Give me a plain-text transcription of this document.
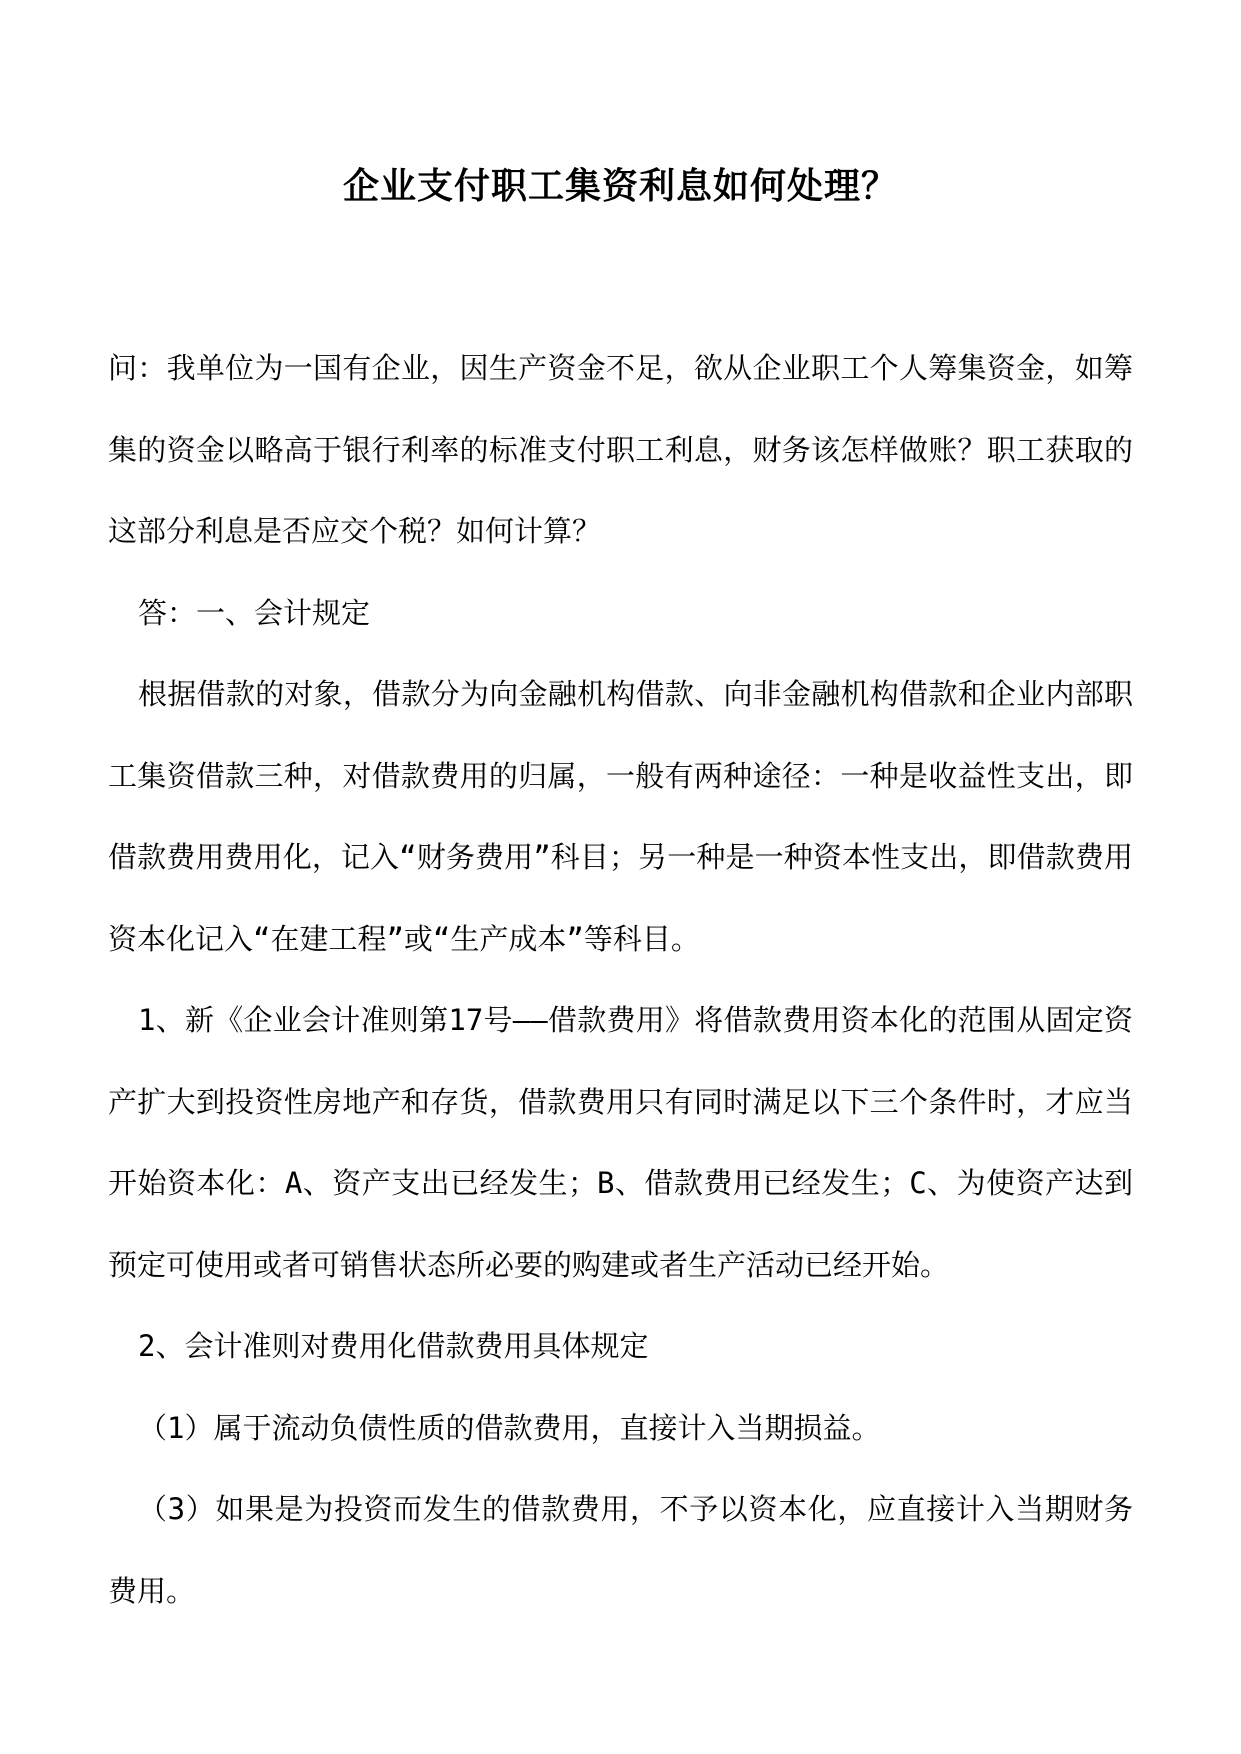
企业支付职工集资利息如何处理？

问：我单位为一国有企业，因生产资金不足，欲从企业职工个人筹集资金，如筹集的资金以略高于银行利率的标准支付职工利息，财务该怎样做账？职工获取的这部分利息是否应交个税？如何计算？

答：一、会计规定

根据借款的对象，借款分为向金融机构借款、向非金融机构借款和企业内部职工集资借款三种，对借款费用的归属，一般有两种途径：一种是收益性支出，即借款费用费用化，记入“财务费用”科目；另一种是一种资本性支出，即借款费用资本化记入“在建工程”或“生产成本”等科目。

1、新《企业会计准则第17号——借款费用》将借款费用资本化的范围从固定资产扩大到投资性房地产和存货，借款费用只有同时满足以下三个条件时，才应当开始资本化：A、资产支出已经发生；B、借款费用已经发生；C、为使资产达到预定可使用或者可销售状态所必要的购建或者生产活动已经开始。

2、会计准则对费用化借款费用具体规定

（1）属于流动负债性质的借款费用，直接计入当期损益。

（3）如果是为投资而发生的借款费用，不予以资本化，应直接计入当期财务费用。
